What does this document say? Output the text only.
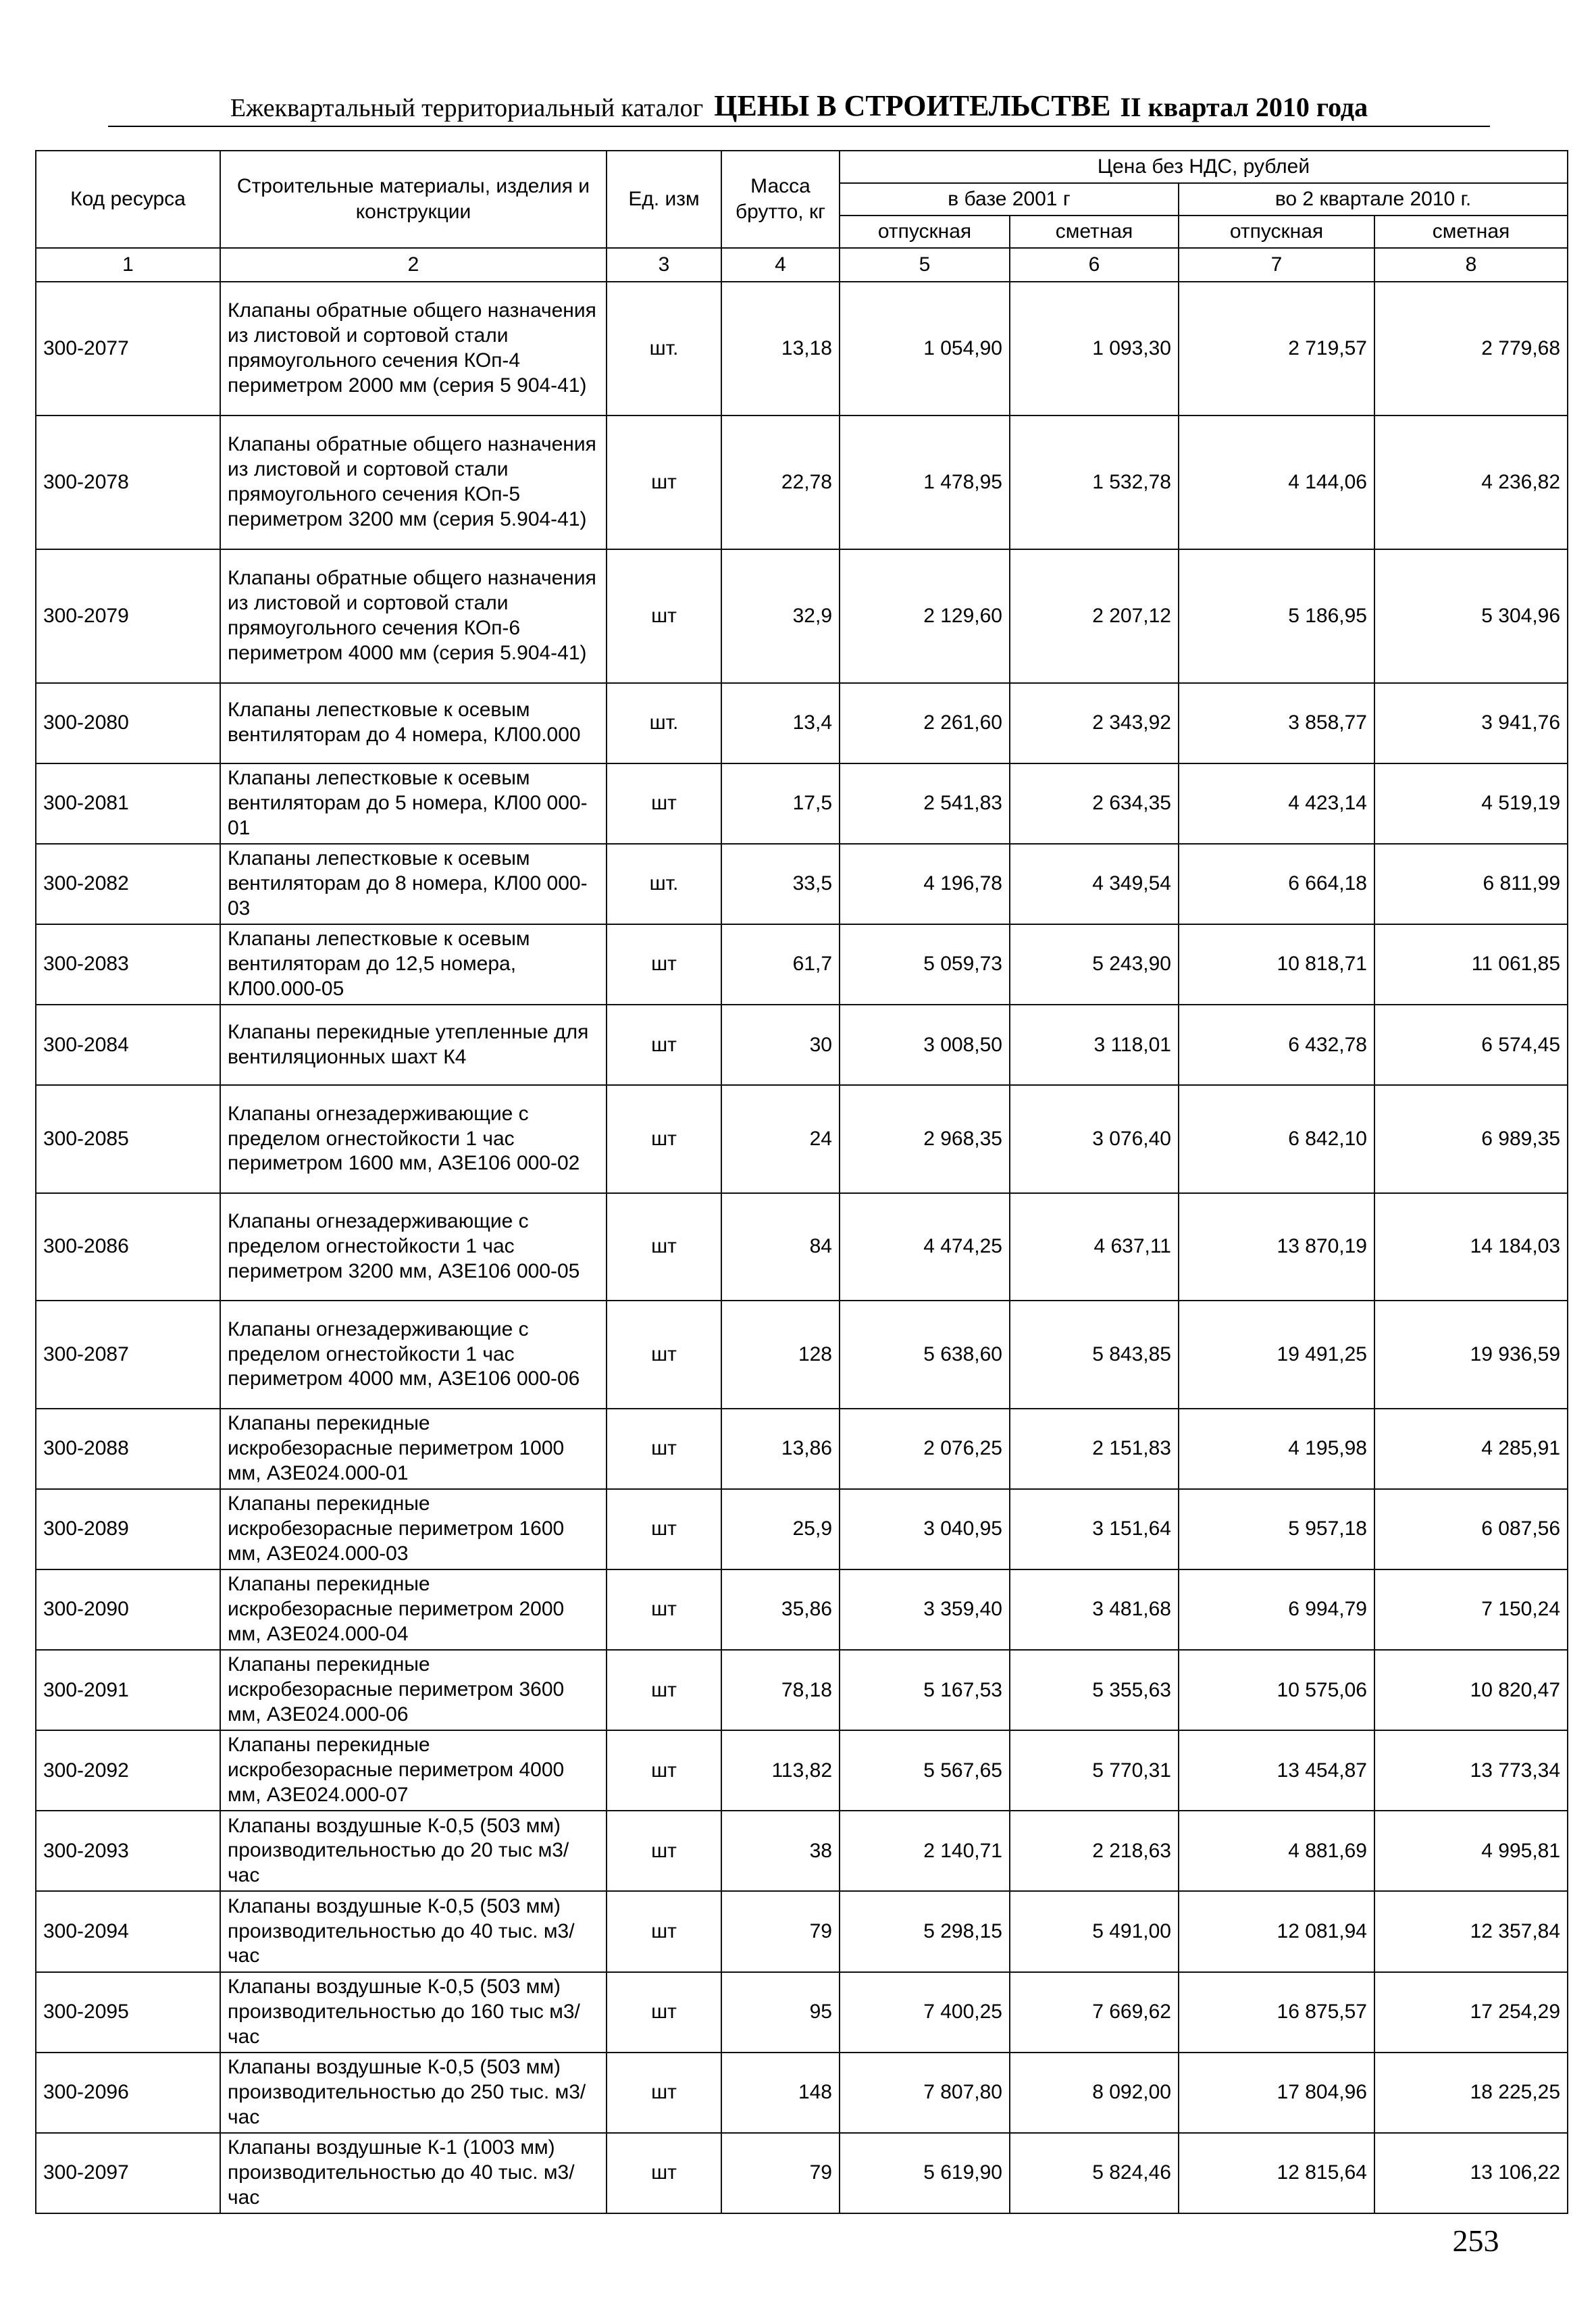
Ежеквартальный территориальный каталог ЦЕНЫ В СТРОИТЕЛЬСТВЕ II квартал 2010 года
Код ресурса	Строительные материалы, изделия и конструкции	Ед. изм	Масса брутто, кг	Цена без НДС, рублей			
				в базе 2001 г		во 2 квартале 2010 г.	
				отпускная	сметная	отпускная	сметная
1	2	3	4	5	6	7	8
300-2077	Клапаны обратные общего назначения из листовой и сортовой стали прямоугольного сечения КОп-4 периметром 2000 мм (серия 5 904-41)	шт.	13,18	1 054,90	1 093,30	2 719,57	2 779,68
300-2078	Клапаны обратные общего назначения из листовой и сортовой стали прямоугольного сечения КОп-5 периметром 3200 мм (серия 5.904-41)	шт	22,78	1 478,95	1 532,78	4 144,06	4 236,82
300-2079	Клапаны обратные общего назначения из листовой и сортовой стали прямоугольного сечения КОп-6 периметром 4000 мм (серия 5.904-41)	шт	32,9	2 129,60	2 207,12	5 186,95	5 304,96
300-2080	Клапаны лепестковые к осевым вентиляторам до 4 номера, КЛ00.000	шт.	13,4	2 261,60	2 343,92	3 858,77	3 941,76
300-2081	Клапаны лепестковые к осевым вентиляторам до 5 номера, КЛ00 000-01	шт	17,5	2 541,83	2 634,35	4 423,14	4 519,19
300-2082	Клапаны лепестковые к осевым вентиляторам до 8 номера, КЛ00 000-03	шт.	33,5	4 196,78	4 349,54	6 664,18	6 811,99
300-2083	Клапаны лепестковые к осевым вентиляторам до 12,5 номера, КЛ00.000-05	шт	61,7	5 059,73	5 243,90	10 818,71	11 061,85
300-2084	Клапаны перекидные утепленные для вентиляционных шахт К4	шт	30	3 008,50	3 118,01	6 432,78	6 574,45
300-2085	Клапаны огнезадерживающие с пределом огнестойкости 1 час периметром 1600 мм, АЗЕ106 000-02	шт	24	2 968,35	3 076,40	6 842,10	6 989,35
300-2086	Клапаны огнезадерживающие с пределом огнестойкости 1 час периметром 3200 мм, АЗЕ106 000-05	шт	84	4 474,25	4 637,11	13 870,19	14 184,03
300-2087	Клапаны огнезадерживающие с пределом огнестойкости 1 час периметром 4000 мм, АЗЕ106 000-06	шт	128	5 638,60	5 843,85	19 491,25	19 936,59
300-2088	Клапаны перекидные искробезорасные периметром 1000 мм, АЗЕ024.000-01	шт	13,86	2 076,25	2 151,83	4 195,98	4 285,91
300-2089	Клапаны перекидные искробезорасные периметром 1600 мм, АЗЕ024.000-03	шт	25,9	3 040,95	3 151,64	5 957,18	6 087,56
300-2090	Клапаны перекидные искробезорасные периметром 2000 мм, АЗЕ024.000-04	шт	35,86	3 359,40	3 481,68	6 994,79	7 150,24
300-2091	Клапаны перекидные искробезорасные периметром 3600 мм, АЗЕ024.000-06	шт	78,18	5 167,53	5 355,63	10 575,06	10 820,47
300-2092	Клапаны перекидные искробезорасные периметром 4000 мм, АЗЕ024.000-07	шт	113,82	5 567,65	5 770,31	13 454,87	13 773,34
300-2093	Клапаны воздушные К-0,5 (503 мм) производительностью до 20 тыс м3/час	шт	38	2 140,71	2 218,63	4 881,69	4 995,81
300-2094	Клапаны воздушные К-0,5 (503 мм) производительностью до 40 тыс. м3/час	шт	79	5 298,15	5 491,00	12 081,94	12 357,84
300-2095	Клапаны воздушные К-0,5 (503 мм) производительностью до 160 тыс м3/час	шт	95	7 400,25	7 669,62	16 875,57	17 254,29
300-2096	Клапаны воздушные К-0,5 (503 мм) производительностью до 250 тыс. м3/час	шт	148	7 807,80	8 092,00	17 804,96	18 225,25
300-2097	Клапаны воздушные К-1 (1003 мм) производительностью до 40 тыс. м3/час	шт	79	5 619,90	5 824,46	12 815,64	13 106,22
253
